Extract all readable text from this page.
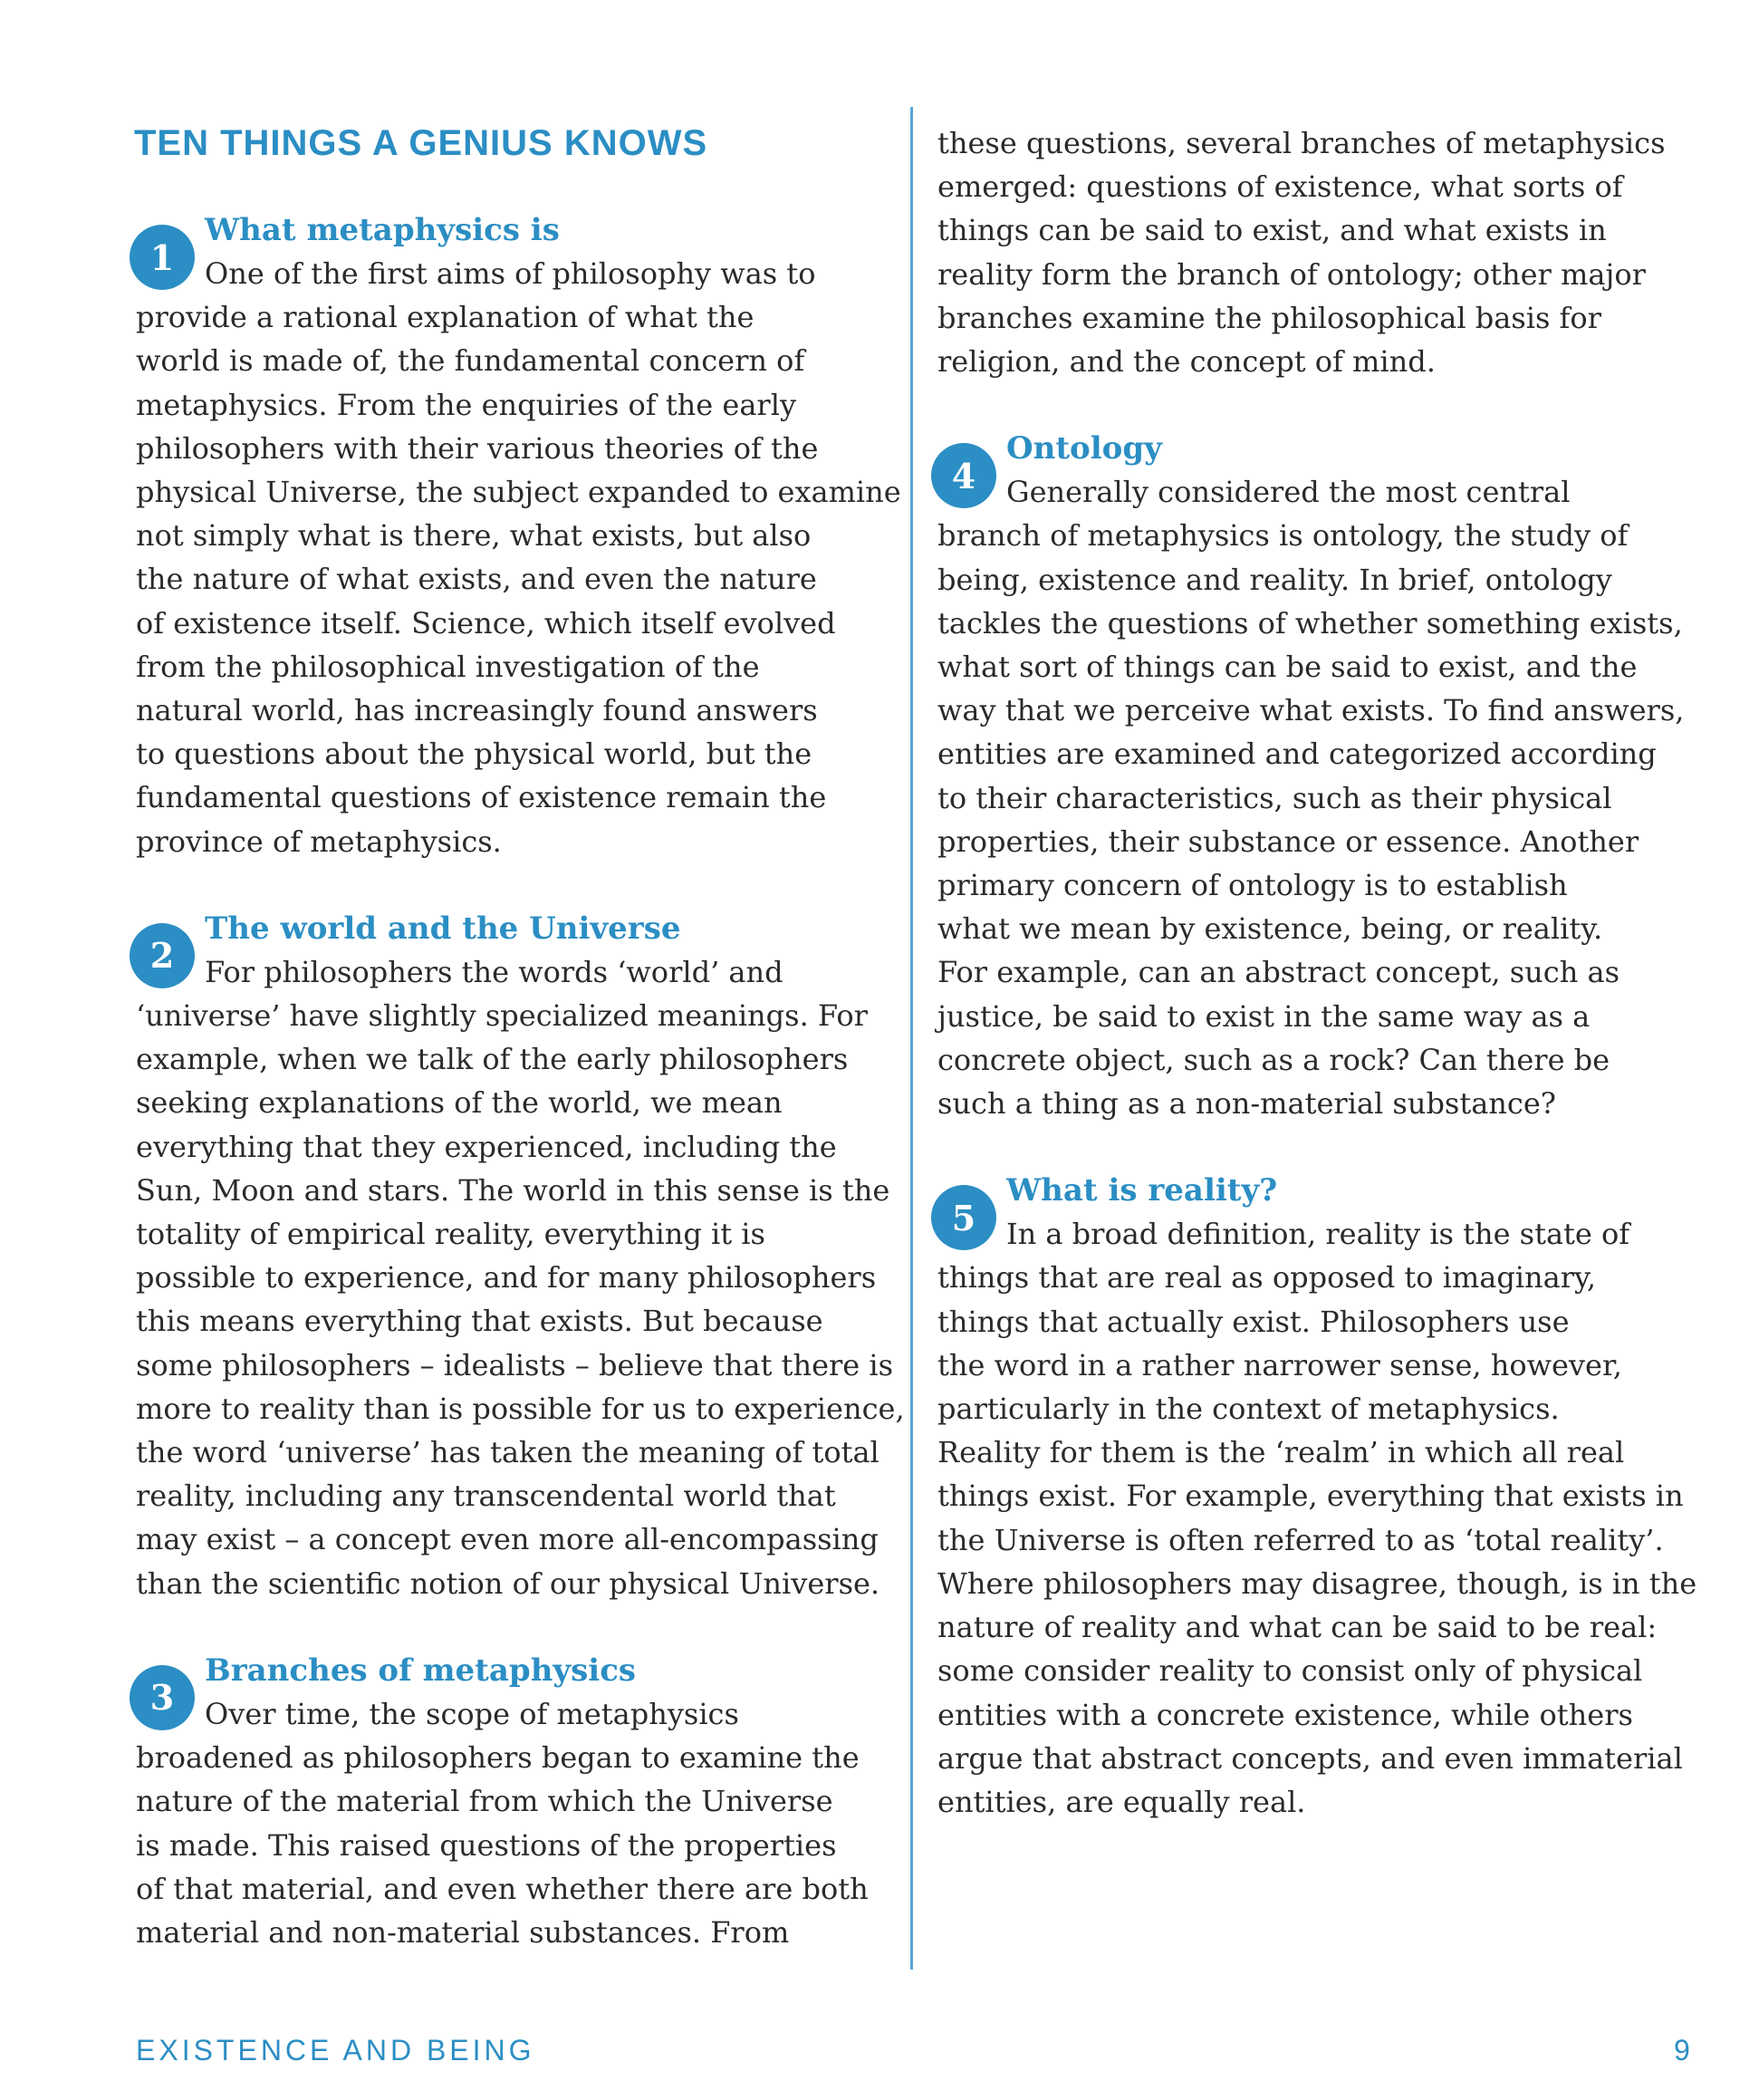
TEN THINGS A GENIUS KNOWS
1
What metaphysics is
One of the first aims of philosophy was to
provide a rational explanation of what the
world is made of, the fundamental concern of
metaphysics. From the enquiries of the early
philosophers with their various theories of the
physical Universe, the subject expanded to examine
not simply what is there, what exists, but also
the nature of what exists, and even the nature
of existence itself. Science, which itself evolved
from the philosophical investigation of the
natural world, has increasingly found answers
to questions about the physical world, but the
fundamental questions of existence remain the
province of metaphysics.
2
The world and the Universe
For philosophers the words ‘world’ and
‘universe’ have slightly specialized meanings. For
example, when we talk of the early philosophers
seeking explanations of the world, we mean
everything that they experienced, including the
Sun, Moon and stars. The world in this sense is the
totality of empirical reality, everything it is
possible to experience, and for many philosophers
this means everything that exists. But because
some philosophers – idealists – believe that there is
more to reality than is possible for us to experience,
the word ‘universe’ has taken the meaning of total
reality, including any transcendental world that
may exist – a concept even more all-encompassing
than the scientific notion of our physical Universe.
3
Branches of metaphysics
Over time, the scope of metaphysics
broadened as philosophers began to examine the
nature of the material from which the Universe
is made. This raised questions of the properties
of that material, and even whether there are both
material and non-material substances. From
these questions, several branches of metaphysics
emerged: questions of existence, what sorts of
things can be said to exist, and what exists in
reality form the branch of ontology; other major
branches examine the philosophical basis for
religion, and the concept of mind.
4
Ontology
Generally considered the most central
branch of metaphysics is ontology, the study of
being, existence and reality. In brief, ontology
tackles the questions of whether something exists,
what sort of things can be said to exist, and the
way that we perceive what exists. To find answers,
entities are examined and categorized according
to their characteristics, such as their physical
properties, their substance or essence. Another
primary concern of ontology is to establish
what we mean by existence, being, or reality.
For example, can an abstract concept, such as
justice, be said to exist in the same way as a
concrete object, such as a rock? Can there be
such a thing as a non-material substance?
5
What is reality?
In a broad definition, reality is the state of
things that are real as opposed to imaginary,
things that actually exist. Philosophers use
the word in a rather narrower sense, however,
particularly in the context of metaphysics.
Reality for them is the ‘realm’ in which all real
things exist. For example, everything that exists in
the Universe is often referred to as ‘total reality’.
Where philosophers may disagree, though, is in the
nature of reality and what can be said to be real:
some consider reality to consist only of physical
entities with a concrete existence, while others
argue that abstract concepts, and even immaterial
entities, are equally real.
EXISTENCE AND BEING	9
